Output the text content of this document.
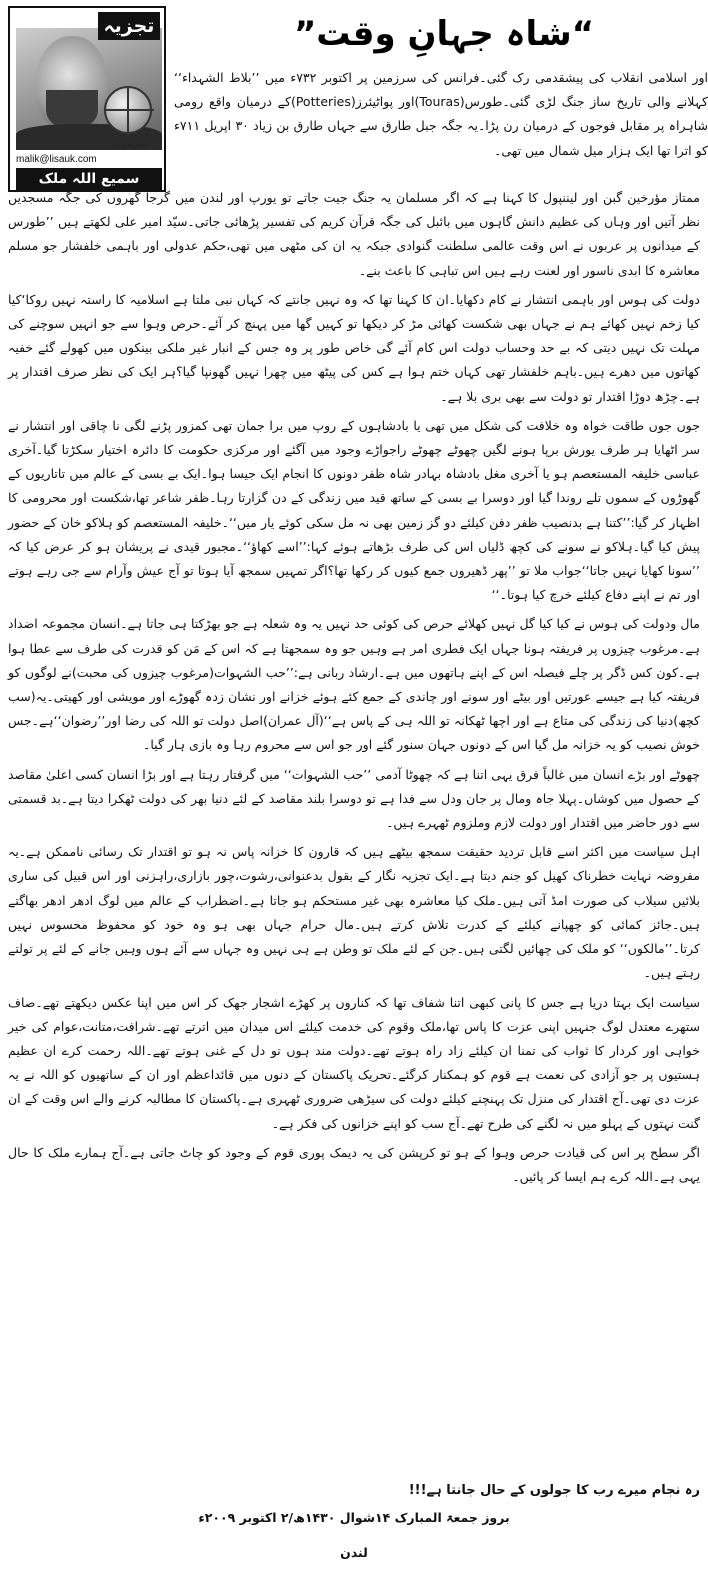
شاہجہان
تجزیہ
malik@lisauk.com
سمیع اللہ ملک
“شاہ جہانِ وقت”

اور اسلامی انقلاب کی پیشقدمی رک گئی۔فرانس کی سرزمین پر اکتوبر ۷۳۲ء میں ’’بلاط الشہداء‘‘ کہلانے والی تاریخ ساز جنگ لڑی گئی۔طورس(Touras)اور پواٹیئرز(Potteries)کے درمیان واقع رومی شاہراہ پر مقابل فوجوں کے درمیان رن پڑا۔یہ جگہ جبل طارق سے جہاں طارق بن زیاد ۳۰ اپریل ۷۱۱ء کو اترا تھا ایک ہزار میل شمال میں تھی۔

ممتاز مؤرخین گبن اور لیننپول کا کہنا ہے کہ اگر مسلمان یہ جنگ جیت جاتے تو یورپ اور لندن میں گرجا گھروں کی جگہ مسجدیں نظر آتیں اور وہاں کی عظیم دانش گاہوں میں بائبل کی جگہ قرآن کریم کی تفسیر پڑھائی جاتی۔سیّد امیر علی لکھتے ہیں ’’طورس کے میدانوں پر عربوں نے اس وقت عالمی سلطنت گنوادی جبکہ یہ ان کی مٹھی میں تھی،حکم عدولی اور باہمی خلفشار جو مسلم معاشرہ کا ابدی ناسور اور لعنت رہے ہیں اس تباہی کا باعث بنے۔

دولت کی ہوس اور باہمی انتشار نے کام دکھایا۔ان کا کہنا تھا کہ وہ نہیں جانتے کہ کہاں نبی ملتا ہے اسلامیہ کا راستہ نہیں روکا‘کیا کیا زخم نہیں کھائے ہم نے جہاں بھی شکست کھائی مڑ کر دیکھا تو کہیں گھا میں پہنچ کر آئے۔حرص وہوا سے جو انہیں سوچنے کی مہلت تک نہیں دیتی کہ بے حد وحساب دولت اس کام آئے گی خاص طور پر وہ جس کے انبار غیر ملکی بینکوں میں کھولے گئے خفیہ کھاتوں میں دھرے ہیں۔باہم خلفشار تھی کہاں ختم ہوا ہے کس کی پیٹھ میں چھرا نہیں گھونپا گیا؟ہر ایک کی نظر صرف اقتدار پر ہے۔چڑھ دوڑا اقتدار تو دولت سے بھی بری بلا ہے۔

جوں جوں طاقت خواہ وہ خلافت کی شکل میں تھی یا بادشاہوں کے روپ میں برا جمان تھی کمزور پڑنے لگی نا چاقی اور انتشار نے سر اٹھایا ہر طرف یورش برپا ہونے لگیں چھوٹے چھوٹے راجواڑے وجود میں آگئے اور مرکزی حکومت کا دائرہ اختیار سکڑتا گیا۔آخری عباسی خلیفہ المستعصم ہو یا آخری مغل بادشاہ بہادر شاہ ظفر دونوں کا انجام ایک جیسا ہوا۔ایک بے بسی کے عالم میں تاتاریوں کے گھوڑوں کے سموں تلے روندا گیا اور دوسرا بے بسی کے ساتھ قید میں زندگی کے دن گزارتا رہا۔ظفر شاعر تھا،شکست اور محرومی کا اظہار کر گیا:’’کتنا ہے بدنصیب ظفر دفن کیلئے دو گز زمین بھی نہ مل سکی کوئے یار میں‘‘۔خلیفہ المستعصم کو ہلاکو خان کے حضور پیش کیا گیا۔ہلاکو نے سونے کی کچھ ڈلیاں اس کی طرف بڑھاتے ہوئے کہا:’’اسے کھاؤ‘‘۔مجبور قیدی نے پریشان ہو کر عرض کیا کہ ’’سونا کھایا نہیں جاتا‘‘جواب ملا تو ’’پھر ڈھیروں جمع کیوں کر رکھا تھا؟اگر تمہیں سمجھ آیا ہوتا تو آج عیش وآرام سے جی رہے ہوتے اور تم نے اپنے دفاع کیلئے خرچ کیا ہوتا۔‘‘

مال ودولت کی ہوس نے کیا کیا گل نہیں کھلائے حرص کی کوئی حد نہیں یہ وہ شعلہ ہے جو بھڑکتا ہی جاتا ہے۔انسان مجموعہ اضداد ہے۔مرغوب چیزوں پر فریفتہ ہونا جہاں ایک فطری امر ہے وہیں جو وہ سمجھتا ہے کہ اس کے مَن کو قدرت کی طرف سے عطا ہوا ہے۔کون کس ڈگر پر چلے فیصلہ اس کے اپنے ہاتھوں میں ہے۔ارشاد ربانی ہے:’’حب الشہوات(مرغوب چیزوں کی محبت)نے لوگوں کو فریفتہ کیا ہے جیسے عورتیں اور بیٹے اور سونے اور چاندی کے جمع کئے ہوئے خزانے اور نشان زدہ گھوڑے اور مویشی اور کھیتی۔یہ(سب کچھ)دنیا کی زندگی کی متاع ہے اور اچھا ٹھکانہ تو اللہ ہی کے پاس ہے‘‘(آل عمران)اصل دولت تو اللہ کی رضا اور’’رضوان‘‘ہے۔جس خوش نصیب کو یہ خزانہ مل گیا اس کے دونوں جہان سنور گئے اور جو اس سے محروم رہا وہ بازی ہار گیا۔

چھوٹے اور بڑے انسان میں غالباً فرق یہی اتنا ہے کہ چھوٹا آدمی ’’حب الشہوات‘‘ میں گرفتار رہتا ہے اور بڑا انسان کسی اعلیٰ مقاصد کے حصول میں کوشاں۔پہلا جاہ ومال پر جان ودل سے فدا ہے تو دوسرا بلند مقاصد کے لئے دنیا بھر کی دولت ٹھکرا دیتا ہے۔بد قسمتی سے دور حاضر میں اقتدار اور دولت لازم وملزوم ٹھہرے ہیں۔

اہل سیاست میں اکثر اسے قابل تردید حقیقت سمجھ بیٹھے ہیں کہ قارون کا خزانہ پاس نہ ہو تو اقتدار تک رسائی ناممکن ہے۔یہ مفروضہ نہایت خطرناک کھیل کو جنم دیتا ہے۔ایک تجزیہ نگار کے بقول بدعنوانی،رشوت،چور بازاری،راہزنی اور اس قبیل کی ساری بلائیں سیلاب کی صورت امڈ آتی ہیں۔ملک کیا معاشرہ بھی غیر مستحکم ہو جاتا ہے۔اضطراب کے عالم میں لوگ ادھر ادھر بھاگتے ہیں۔جائز کمائی کو چھپانے کیلئے کے کدرت تلاش کرتے ہیں۔مال حرام جہاں بھی ہو وہ خود کو محفوظ محسوس نہیں کرتا۔’’مالکوں‘‘ کو ملک کی چھائیں لگتی ہیں۔جن کے لئے ملک تو وطن ہے ہی نہیں وہ جہاں سے آئے ہوں وہیں جانے کے لئے پر تولتے رہتے ہیں۔

سیاست ایک بہتا دریا ہے جس کا پانی کبھی اتنا شفاف تھا کہ کناروں پر کھڑے اشجار جھک کر اس میں اپنا عکس دیکھتے تھے۔صاف ستھرے معتدل لوگ جنہیں اپنی عزت کا پاس تھا،ملک وقوم کی خدمت کیلئے اس میدان میں اترتے تھے۔شرافت،متانت،عوام کی خیر خواہی اور کردار کا ثواب کی تمنا ان کیلئے زاد راہ ہوتے تھے۔دولت مند ہوں تو دل کے غنی ہوتے تھے۔اللہ رحمت کرے ان عظیم ہستیوں پر جو آزادی کی نعمت ہے قوم کو ہمکنار کرگئے۔تحریک پاکستان کے دنوں میں قائداعظم اور ان کے ساتھیوں کو اللہ نے یہ عزت دی تھی۔آج اقتدار کی منزل تک پہنچنے کیلئے دولت کی سیڑھی ضروری ٹھہری ہے۔پاکستان کا مطالبہ کرنے والے اس وقت کے ان گنت نہتوں کے پہلو میں نہ لگنے کی طرح تھے۔آج سب کو اپنے خزانوں کی فکر ہے۔

اگر سطح پر اس کی قیادت حرص وہوا کے ہو تو کرپشن کی یہ دیمک پوری قوم کے وجود کو چاٹ جاتی ہے۔آج ہمارے ملک کا حال یہی ہے۔اللہ کرے ہم ایسا کر پائیں۔

رہ نجام میرے رب کا جولوں کے حال جانتا ہے!!!
بروز جمعۃ المبارک ۱۴شوال ۱۴۳۰ھ/۲ اکتوبر ۲۰۰۹ء
لندن
